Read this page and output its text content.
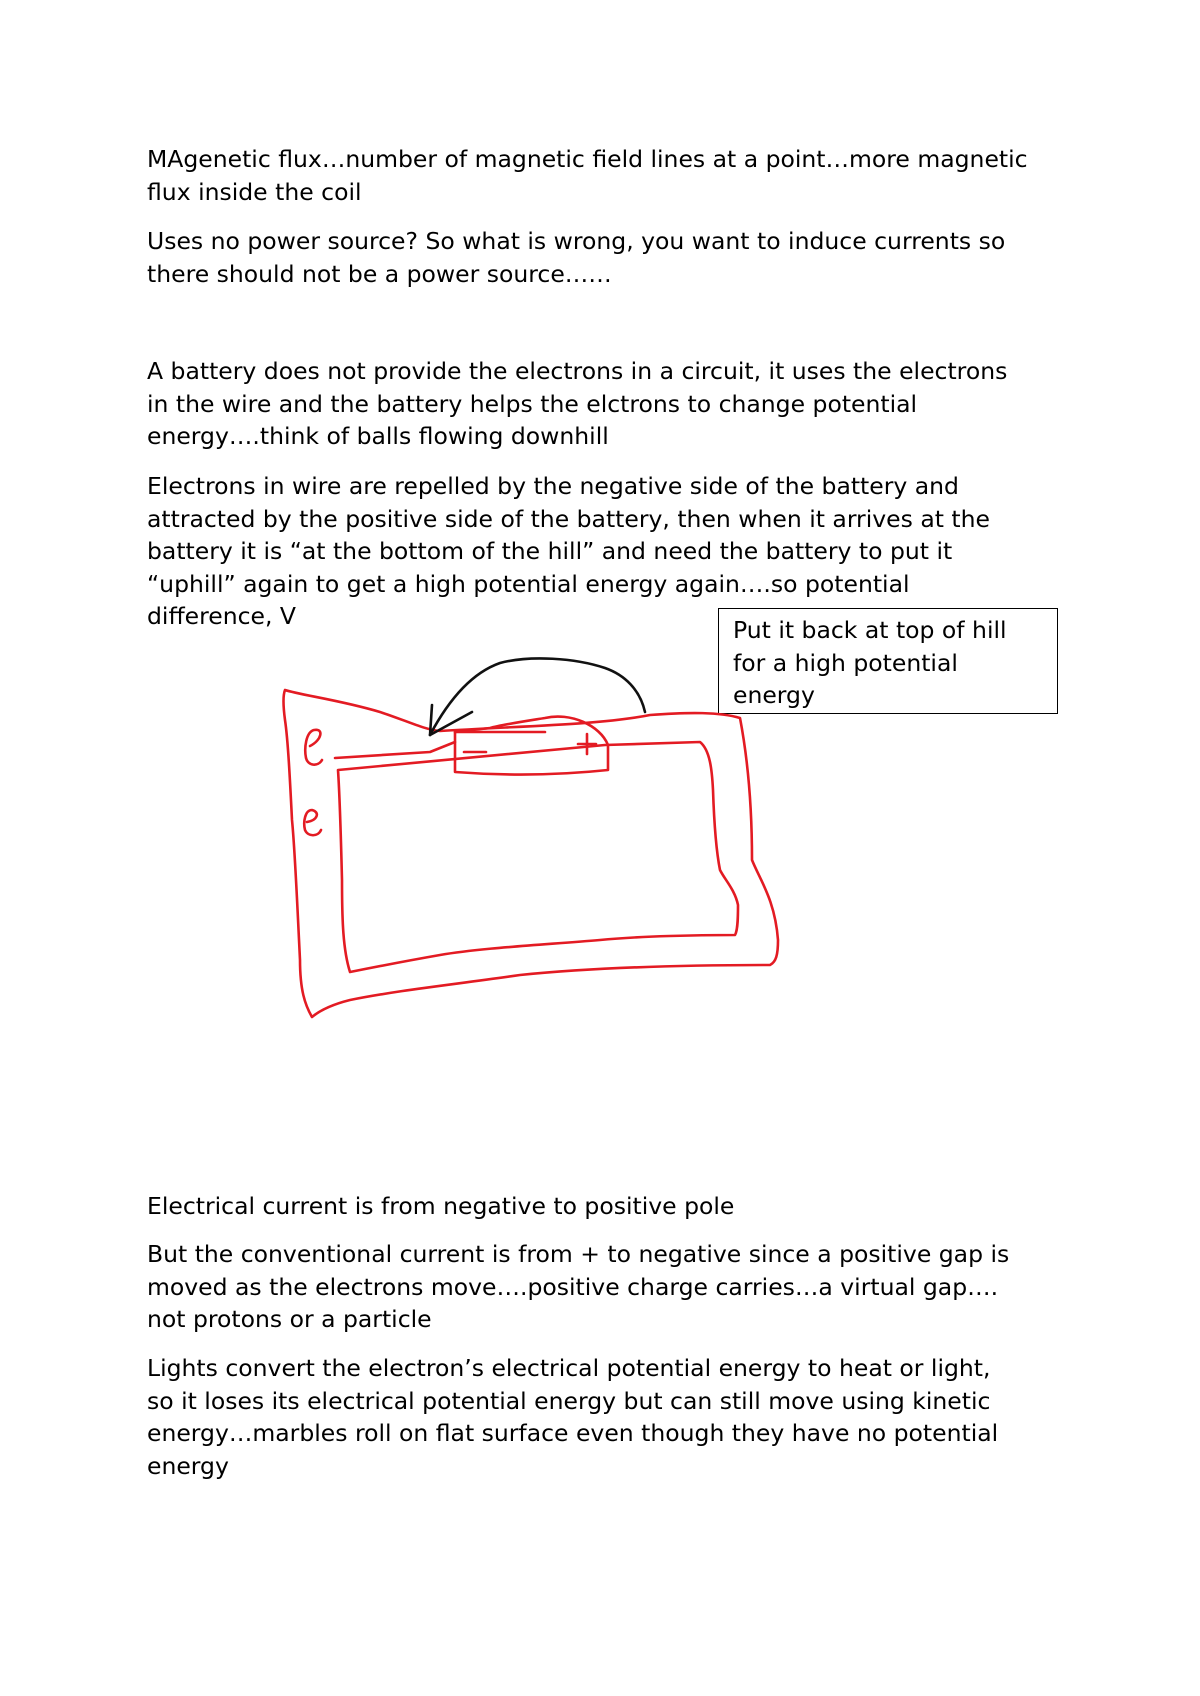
MAgenetic flux…number of magnetic field lines at a point…more magnetic
flux inside the coil

Uses no power source? So what is wrong, you want to induce currents so
there should not be a power source……

A battery does not provide the electrons in a circuit, it uses the electrons
in the wire and the battery helps the elctrons to change potential
energy….think of balls flowing downhill

Electrons in wire are repelled by the negative side of the battery and
attracted by the positive side of the battery, then when it arrives at the
battery it is “at the bottom of the hill” and need the battery to put it
“uphill” again to get a high potential energy again….so potential
difference, V	Put it back at top of hill
for a high potential
energy

Electrical current is from negative to positive pole

But the conventional current is from + to negative since a positive gap is
moved as the electrons move….positive charge carries…a virtual gap….
not protons or a particle

Lights convert the electron’s electrical potential energy to heat or light,
so it loses its electrical potential energy but can still move using kinetic
energy…marbles roll on flat surface even though they have no potential
energy
